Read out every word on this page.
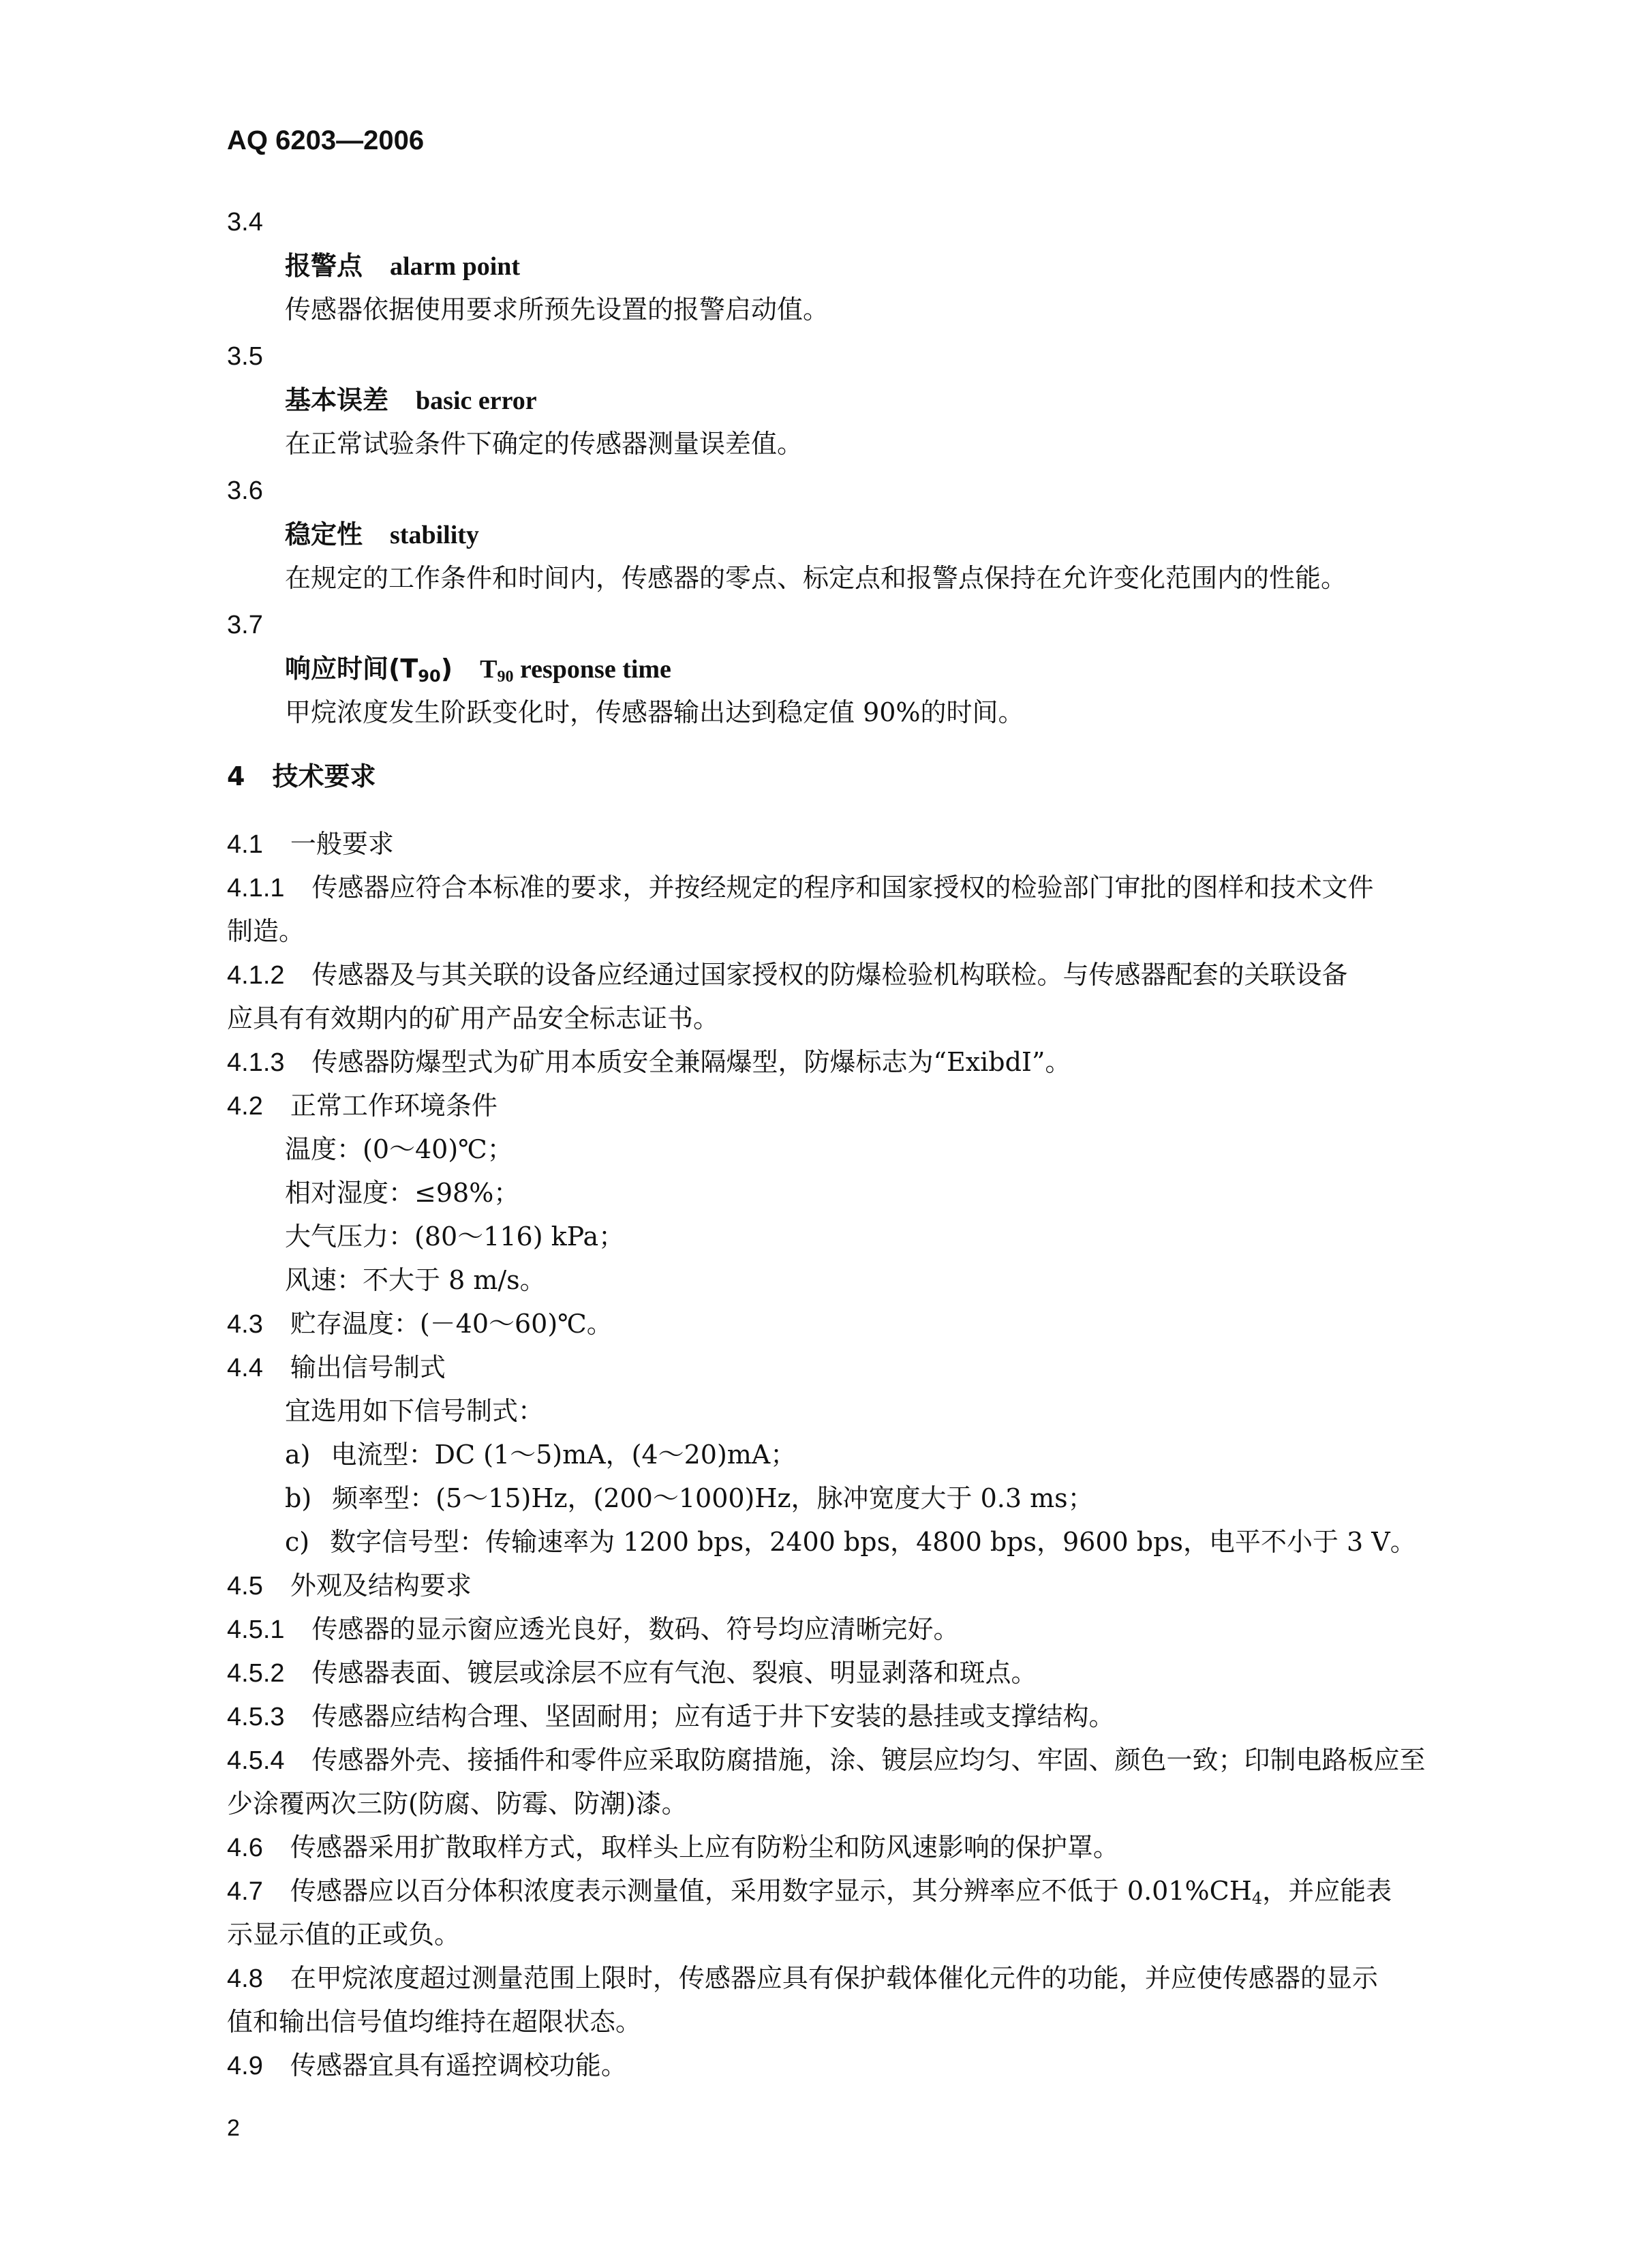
AQ 6203—2006
3.4
报警点 alarm point
传感器依据使用要求所预先设置的报警启动值。
3.5
基本误差 basic error
在正常试验条件下确定的传感器测量误差值。
3.6
稳定性 stability
在规定的工作条件和时间内，传感器的零点、标定点和报警点保持在允许变化范围内的性能。
3.7
响应时间$(T_{90})$ $T_{90}$ response time
甲烷浓度发生阶跃变化时，传感器输出达到稳定值 90%的时间。
4 技术要求
4.1 一般要求
4.1.1 传感器应符合本标准的要求，并按经规定的程序和国家授权的检验部门审批的图样和技术文件
制造。
4.1.2 传感器及与其关联的设备应经通过国家授权的防爆检验机构联检。与传感器配套的关联设备
应具有有效期内的矿用产品安全标志证书。
4.1.3 传感器防爆型式为矿用本质安全兼隔爆型，防爆标志为“ExibdI”。
4.2 正常工作环境条件
温度：(0～40)℃；
相对湿度：≤98%；
大气压力：(80～116) kPa；
风速：不大于 8 m/s。
4.3 贮存温度：(－40～60)℃。
4.4 输出信号制式
宜选用如下信号制式：
a) 电流型：DC (1～5)mA，(4～20)mA；
b) 频率型：(5～15)Hz，(200～1000)Hz，脉冲宽度大于 0.3 ms；
c) 数字信号型：传输速率为 1200 bps，2400 bps，4800 bps，9600 bps，电平不小于 3 V。
4.5 外观及结构要求
4.5.1 传感器的显示窗应透光良好，数码、符号均应清晰完好。
4.5.2 传感器表面、镀层或涂层不应有气泡、裂痕、明显剥落和斑点。
4.5.3 传感器应结构合理、坚固耐用；应有适于井下安装的悬挂或支撑结构。
4.5.4 传感器外壳、接插件和零件应采取防腐措施，涂、镀层应均匀、牢固、颜色一致；印制电路板应至
少涂覆两次三防(防腐、防霉、防潮)漆。
4.6 传感器采用扩散取样方式，取样头上应有防粉尘和防风速影响的保护罩。
4.7 传感器应以百分体积浓度表示测量值，采用数字显示，其分辨率应不低于 $0.01\%CH_4$，并应能表
示显示值的正或负。
4.8 在甲烷浓度超过测量范围上限时，传感器应具有保护载体催化元件的功能，并应使传感器的显示
值和输出信号值均维持在超限状态。
4.9 传感器宜具有遥控调校功能。
2
